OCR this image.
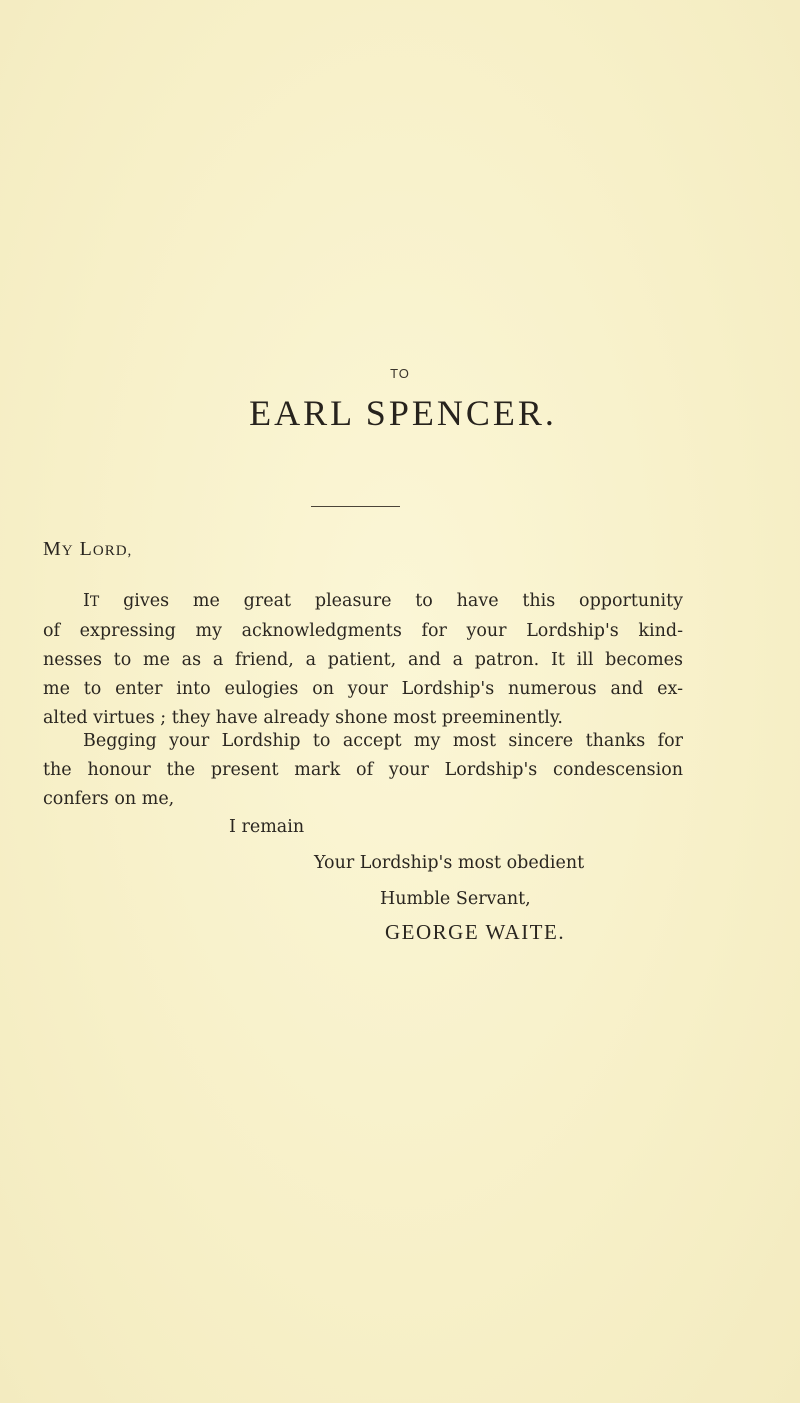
TO
EARL SPENCER.
MY LORD,
IT gives me great pleasure to have this opportunity
of expressing my acknowledgments for your Lordship's kind-
nesses to me as a friend, a patient, and a patron. It ill becomes
me to enter into eulogies on your Lordship's numerous and ex-
alted virtues ; they have already shone most preeminently.
Begging your Lordship to accept my most sincere thanks for
the honour the present mark of your Lordship's condescension
confers on me,
I remain
Your Lordship's most obedient
Humble Servant,
GEORGE WAITE.
